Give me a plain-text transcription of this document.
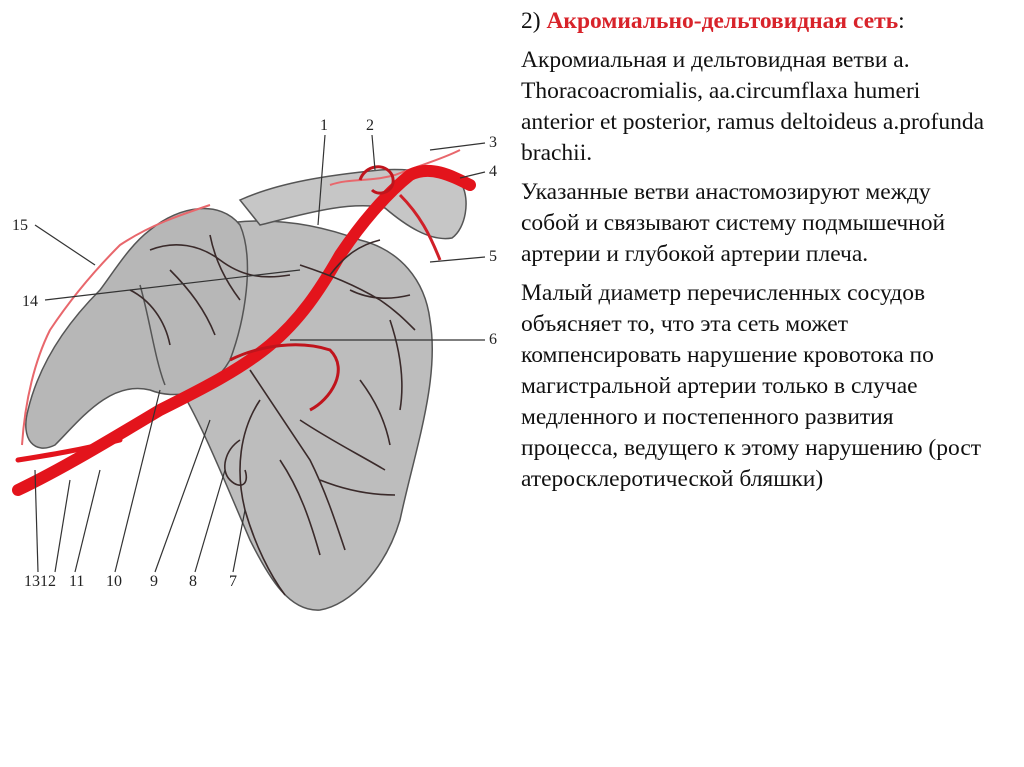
1 2
3
4
5
6
7
8
9
10
11
1312
14
15

2) Акромиально-дельтовидная сеть:

Акромиальная и дельтовидная ветви a. Thoracoacromialis, aa.circumflaxa humeri anterior et posterior, ramus deltoideus a.profunda brachii.

Указанные ветви анастомозируют между собой и связывают систему подмышечной артерии и глубокой артерии плеча.

Малый диаметр перечисленных сосудов объясняет то, что эта сеть может компенсировать нарушение кровотока по магистральной артерии только в случае медленного и постепенного развития процесса, ведущего к этому нарушению (рост атеросклеротической бляшки)
